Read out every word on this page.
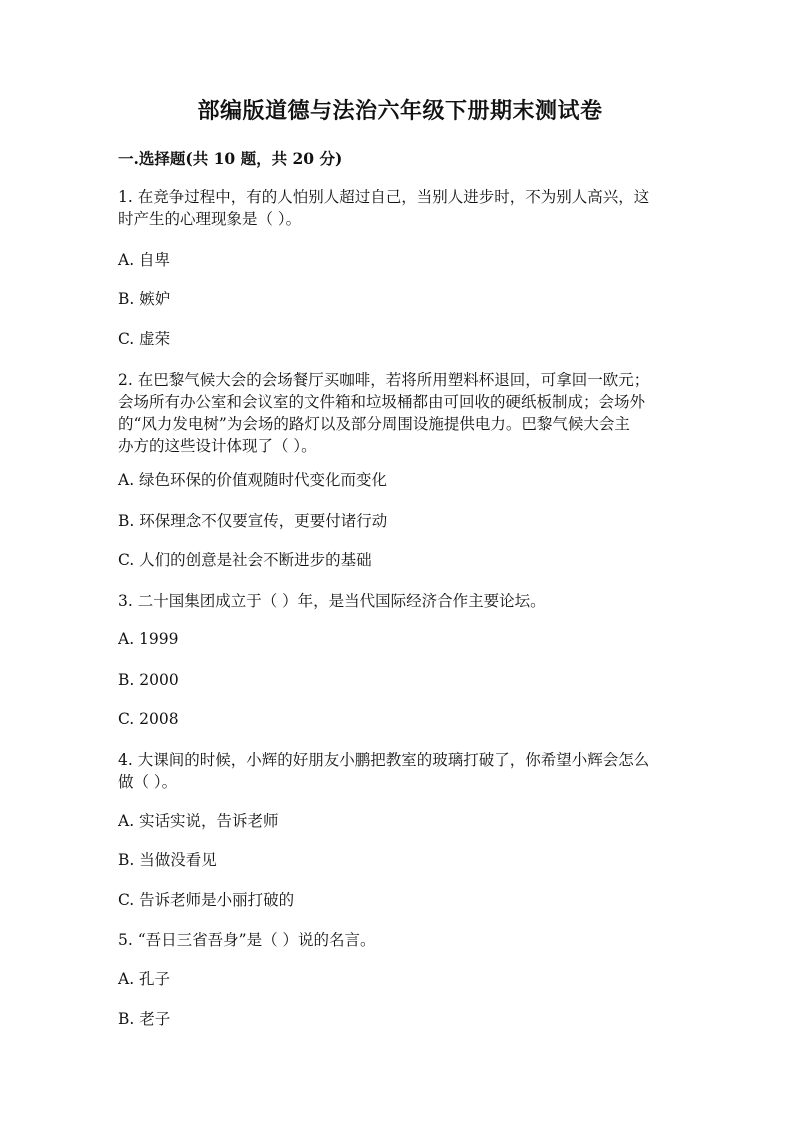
部编版道德与法治六年级下册期末测试卷
一.选择题(共 10 题，共 20 分)
1. 在竞争过程中，有的人怕别人超过自己，当别人进步时，不为别人高兴，这
时产生的心理现象是（ ）。
A. 自卑
B. 嫉妒
C. 虚荣
2. 在巴黎气候大会的会场餐厅买咖啡，若将所用塑料杯退回，可拿回一欧元；
会场所有办公室和会议室的文件箱和垃圾桶都由可回收的硬纸板制成；会场外
的“风力发电树”为会场的路灯以及部分周围设施提供电力。巴黎气候大会主
办方的这些设计体现了（ ）。
A. 绿色环保的价值观随时代变化而变化
B. 环保理念不仅要宣传，更要付诸行动
C. 人们的创意是社会不断进步的基础
3. 二十国集团成立于（ ）年，是当代国际经济合作主要论坛。
A. 1999
B. 2000
C. 2008
4. 大课间的时候，小辉的好朋友小鹏把教室的玻璃打破了，你希望小辉会怎么
做（ ）。
A. 实话实说，告诉老师
B. 当做没看见
C. 告诉老师是小丽打破的
5. “吾日三省吾身”是（ ）说的名言。
A. 孔子
B. 老子
